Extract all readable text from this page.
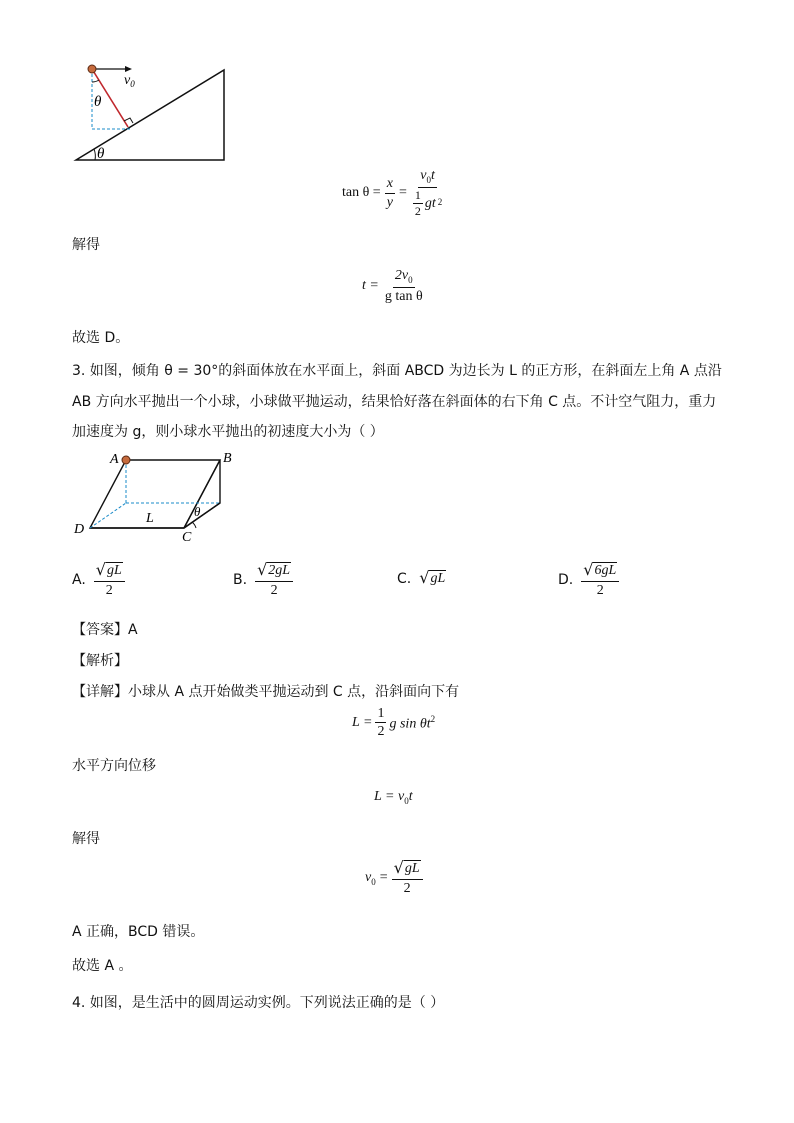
$v_0$
θ
θ
$\tan \theta = \frac{x}{y} = \frac{v_0t}{\frac{1}{2} gt 2}$
解得
$t = \frac{2v_0}{\text{g tan θ}}$
故选 D。
3. 如图，倾角 θ = 30°的斜面体放在水平面上，斜面 ABCD 为边长为 L 的正方形，在斜面左上角 A 点沿
AB 方向水平抛出一个小球，小球做平抛运动，结果恰好落在斜面体的右下角 C 点。不计空气阻力，重力
加速度为 g，则小球水平抛出的初速度大小为（ ）
A	B
C
D
L	θ
A. $\frac{√ gL}{2}$	B. $\frac{√ 2gL}{2}$	C. √ gL	D. $\frac{√ 6gL}{2}$
【答案】A
【解析】
【详解】小球从 A 点开始做类平抛运动到 C 点，沿斜面向下有
$L = \frac{1}{2}$ g $\sin \theta t^2$
水平方向位移
$L = v_0t$
解得
$v_0 = \frac{√ gL}{2}$
A 正确，BCD 错误。
故选 A 。
4. 如图，是生活中的圆周运动实例。下列说法正确的是（ ）
